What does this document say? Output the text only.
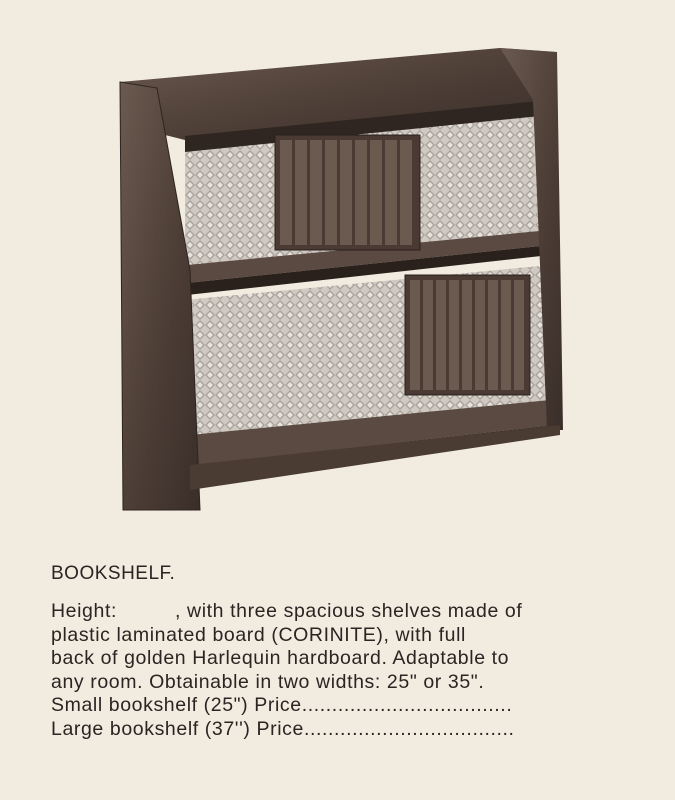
BOOKSHELF.

Height:	, with three spacious shelves made of

plastic laminated board (CORINITE), with full

back of golden Harlequin hardboard. Adaptable to

any room. Obtainable in two widths: 25" or 35".

Small bookshelf (25") Price...................................

Large bookshelf (37'') Price...................................
